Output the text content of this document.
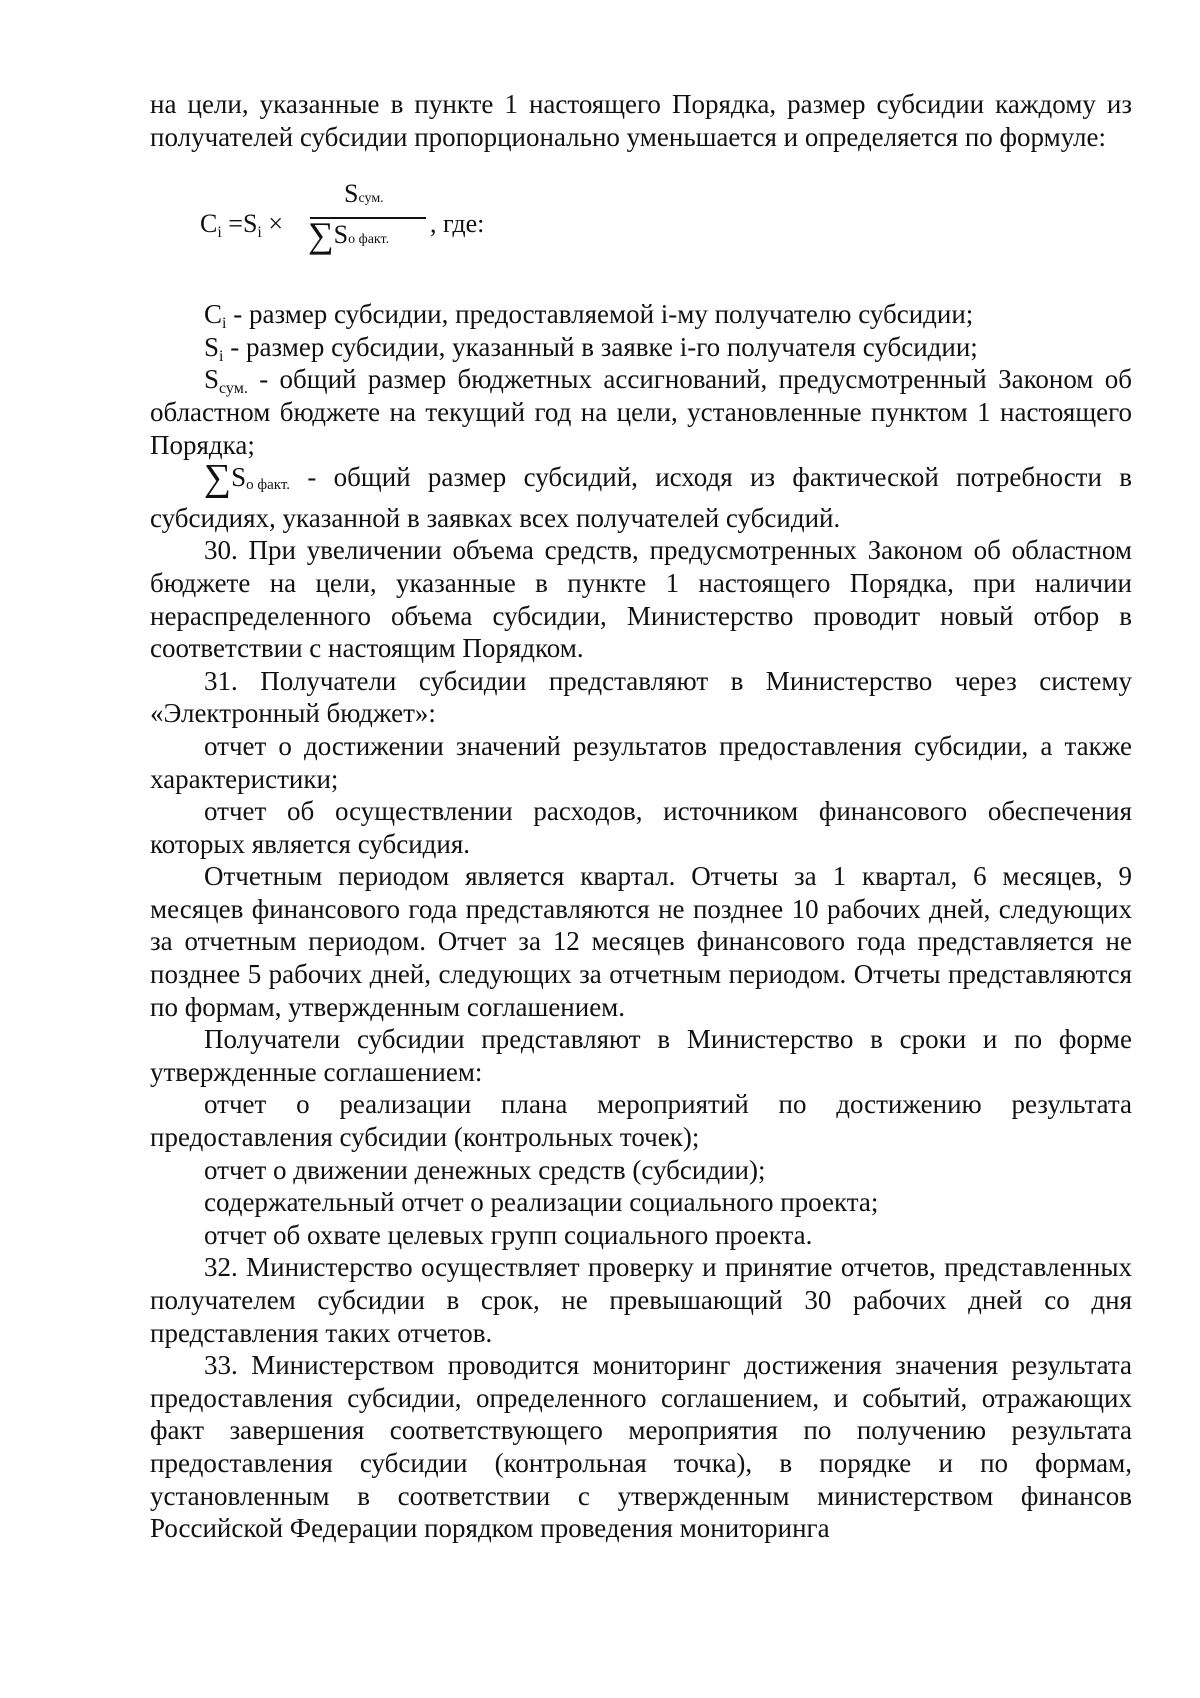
на цели, указанные в пункте 1 настоящего Порядка, размер субсидии каждому из получателей субсидии пропорционально уменьшается и определяется по формуле:

$C_i =S_i$ ×
Sсум.
∑Sо факт.
, где:

$C_i$ - размер субсидии, предоставляемой i-му получателю субсидии;

$S_i$ - размер субсидии, указанный в заявке i-го получателя субсидии;

$S_{сум.}$ - общий размер бюджетных ассигнований, предусмотренный Законом об областном бюджете на текущий год на цели, установленные пунктом 1 настоящего Порядка;

$\sum S_{о факт.}$ - общий размер субсидий, исходя из фактической потребности в субсидиях, указанной в заявках всех получателей субсидий.

30. При увеличении объема средств, предусмотренных Законом об областном бюджете на цели, указанные в пункте 1 настоящего Порядка, при наличии нераспределенного объема субсидии, Министерство проводит новый отбор в соответствии с настоящим Порядком.

31. Получатели субсидии представляют в Министерство через систему «Электронный бюджет»:

отчет о достижении значений результатов предоставления субсидии, а также характеристики;

отчет об осуществлении расходов, источником финансового обеспечения которых является субсидия.

Отчетным периодом является квартал. Отчеты за 1 квартал, 6 месяцев, 9 месяцев финансового года представляются не позднее 10 рабочих дней, следующих за отчетным периодом. Отчет за 12 месяцев финансового года представляется не позднее 5 рабочих дней, следующих за отчетным периодом. Отчеты представляются по формам, утвержденным соглашением.

Получатели субсидии представляют в Министерство в сроки и по форме утвержденные соглашением:

отчет о реализации плана мероприятий по достижению результата предоставления субсидии (контрольных точек);

отчет о движении денежных средств (субсидии);

содержательный отчет о реализации социального проекта;

отчет об охвате целевых групп социального проекта.

32. Министерство осуществляет проверку и принятие отчетов, представленных получателем субсидии в срок, не превышающий 30 рабочих дней со дня представления таких отчетов.

33. Министерством проводится мониторинг достижения значения результата предоставления субсидии, определенного соглашением, и событий, отражающих факт завершения соответствующего мероприятия по получению результата предоставления субсидии (контрольная точка), в порядке и по формам, установленным в соответствии с утвержденным министерством финансов Российской Федерации порядком проведения мониторинга
